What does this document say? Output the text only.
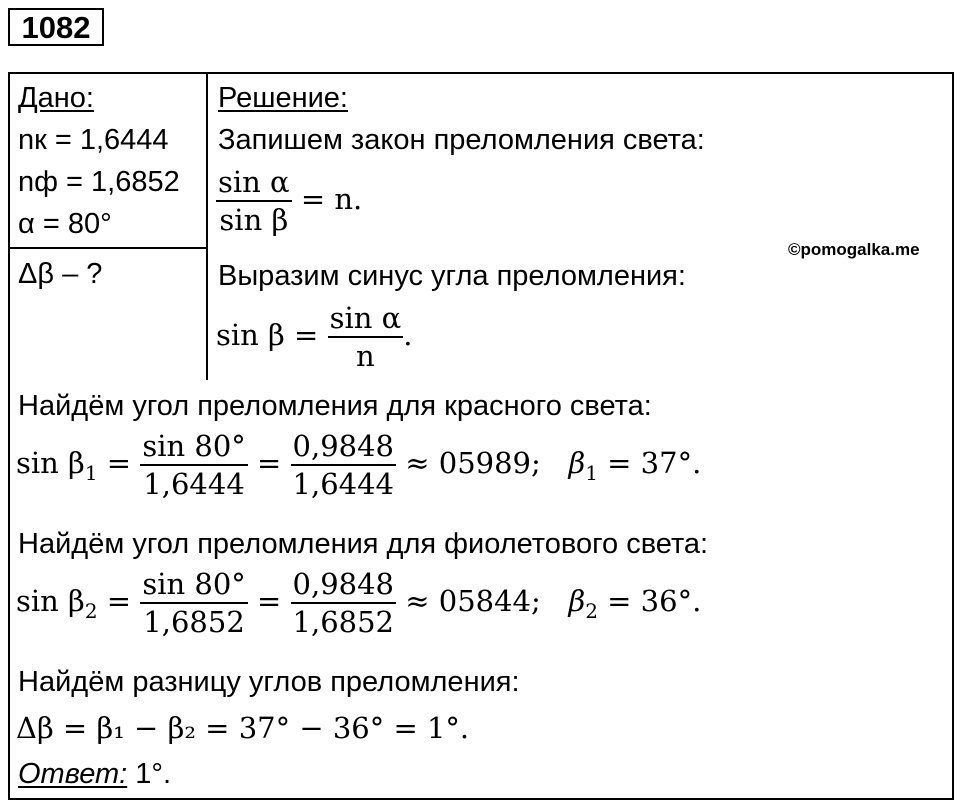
1082
Дано:
nк = 1,6444
nф = 1,6852
α = 80°
Δβ – ?
Решение:
Запишем закон преломления света:
$\frac{\text{sin α}}{\text{sin β}} = n$.
©pomogalka.me
Выразим синус угла преломления:
$\sin \beta = \frac{\text{sin α}}{n}$ .
Найдём угол преломления для красного света:
$\sin \beta_1 = \frac{\sin 80^\circ}{1,6444} = \frac{0,9848}{1,6444} \approx 05989$; $\beta_1 = 37^\circ$.
Найдём угол преломления для фиолетового света:
$\sin \beta_2 = \frac{\sin 80^\circ}{1,6852} = \frac{0,9848}{1,6852} \approx 05844$; $\beta_2 = 36^\circ$.
Найдём разницу углов преломления:
Δβ = β₁ − β₂ = 37° − 36° = 1°.
Ответ: 1°.
